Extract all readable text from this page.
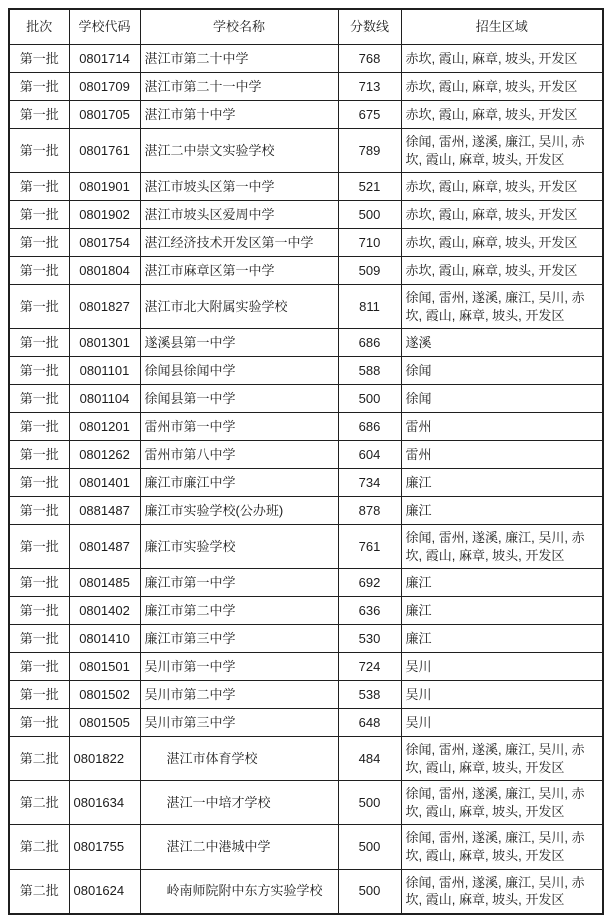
批次	学校代码	学校名称	分数线	招生区域
第一批	0801714	湛江市第二十中学	768	赤坎, 霞山, 麻章, 坡头, 开发区
第一批	0801709	湛江市第二十一中学	713	赤坎, 霞山, 麻章, 坡头, 开发区
第一批	0801705	湛江市第十中学	675	赤坎, 霞山, 麻章, 坡头, 开发区
第一批	0801761	湛江二中崇文实验学校	789	徐闻, 雷州, 遂溪, 廉江, 吴川, 赤坎, 霞山, 麻章, 坡头, 开发区
第一批	0801901	湛江市坡头区第一中学	521	赤坎, 霞山, 麻章, 坡头, 开发区
第一批	0801902	湛江市坡头区爱周中学	500	赤坎, 霞山, 麻章, 坡头, 开发区
第一批	0801754	湛江经济技术开发区第一中学	710	赤坎, 霞山, 麻章, 坡头, 开发区
第一批	0801804	湛江市麻章区第一中学	509	赤坎, 霞山, 麻章, 坡头, 开发区
第一批	0801827	湛江市北大附属实验学校	811	徐闻, 雷州, 遂溪, 廉江, 吴川, 赤坎, 霞山, 麻章, 坡头, 开发区
第一批	0801301	遂溪县第一中学	686	遂溪
第一批	0801101	徐闻县徐闻中学	588	徐闻
第一批	0801104	徐闻县第一中学	500	徐闻
第一批	0801201	雷州市第一中学	686	雷州
第一批	0801262	雷州市第八中学	604	雷州
第一批	0801401	廉江市廉江中学	734	廉江
第一批	0881487	廉江市实验学校(公办班)	878	廉江
第一批	0801487	廉江市实验学校	761	徐闻, 雷州, 遂溪, 廉江, 吴川, 赤坎, 霞山, 麻章, 坡头, 开发区
第一批	0801485	廉江市第一中学	692	廉江
第一批	0801402	廉江市第二中学	636	廉江
第一批	0801410	廉江市第三中学	530	廉江
第一批	0801501	吴川市第一中学	724	吴川
第一批	0801502	吴川市第二中学	538	吴川
第一批	0801505	吴川市第三中学	648	吴川
第二批	0801822	湛江市体育学校	484	徐闻, 雷州, 遂溪, 廉江, 吴川, 赤坎, 霞山, 麻章, 坡头, 开发区
第二批	0801634	湛江一中培才学校	500	徐闻, 雷州, 遂溪, 廉江, 吴川, 赤坎, 霞山, 麻章, 坡头, 开发区
第二批	0801755	湛江二中港城中学	500	徐闻, 雷州, 遂溪, 廉江, 吴川, 赤坎, 霞山, 麻章, 坡头, 开发区
第二批	0801624	岭南师院附中东方实验学校	500	徐闻, 雷州, 遂溪, 廉江, 吴川, 赤坎, 霞山, 麻章, 坡头, 开发区
